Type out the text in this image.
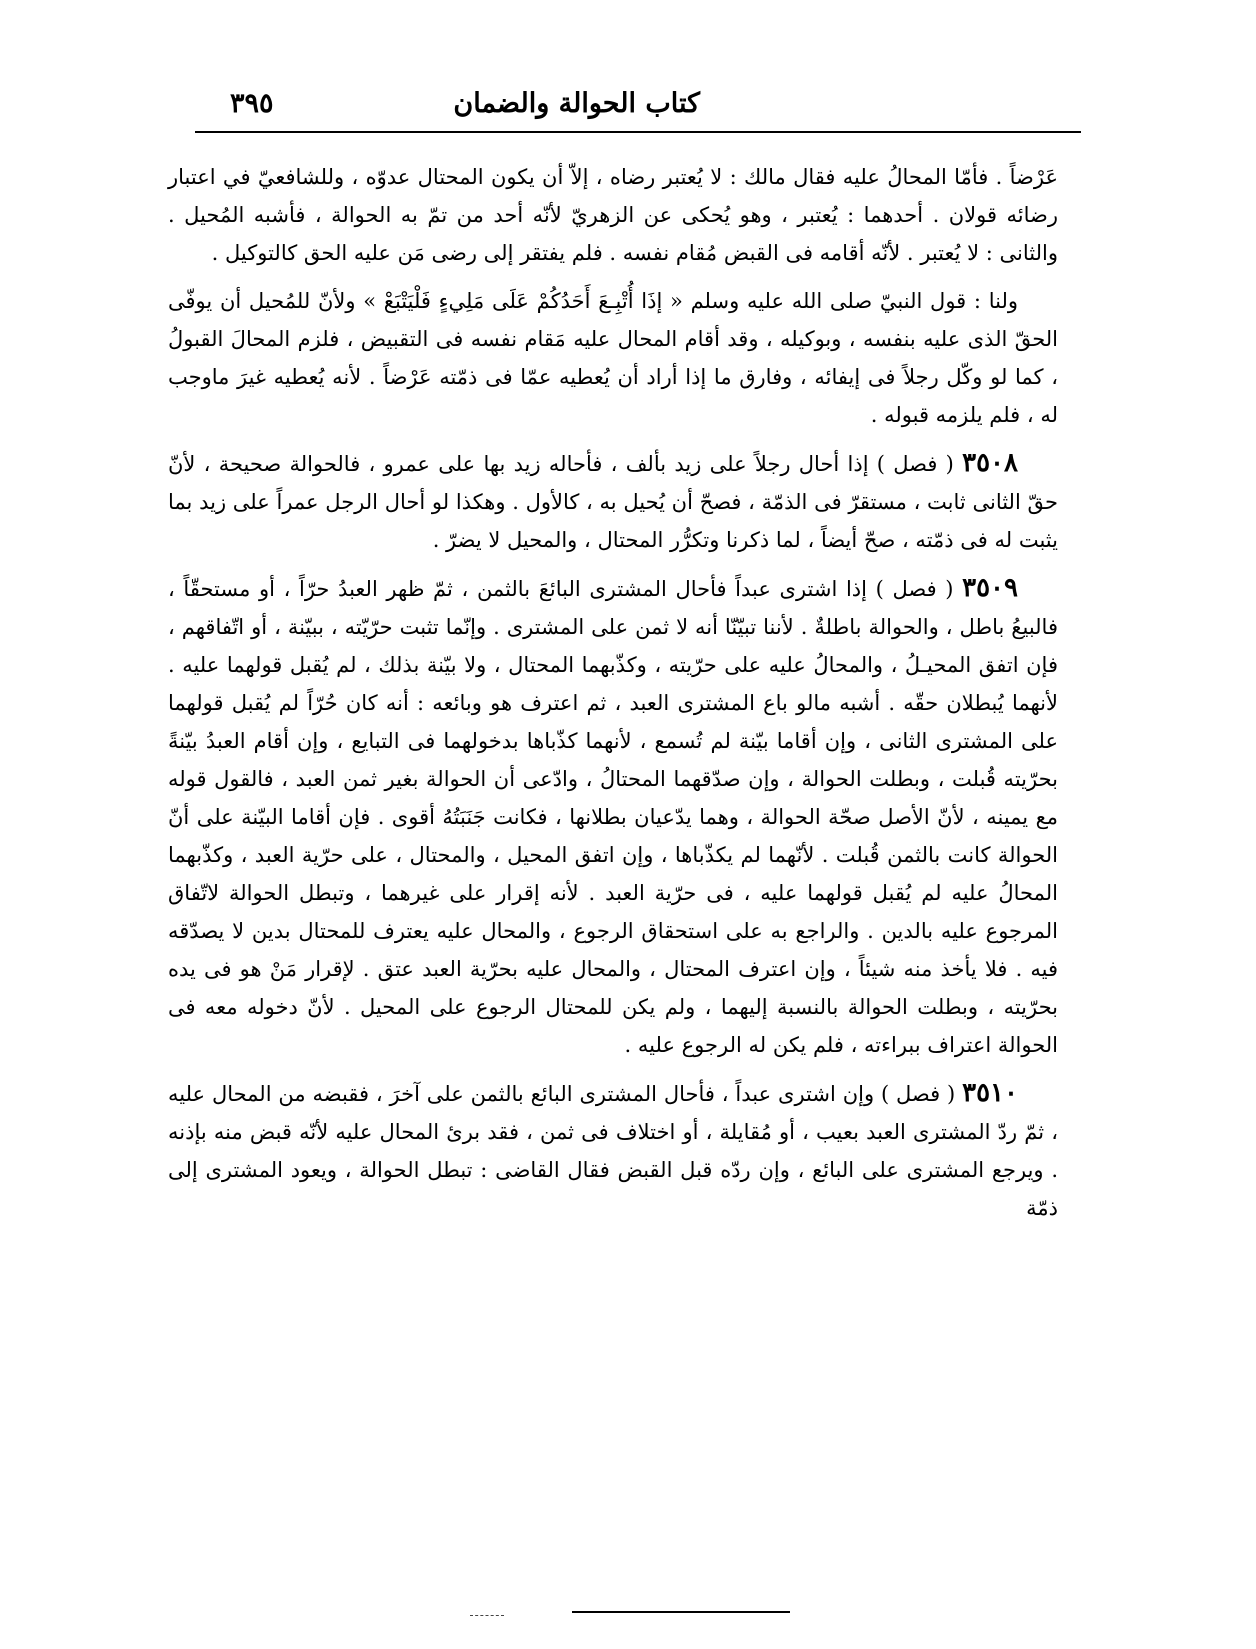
كتاب الحوالة والضمان
٣٩٥

عَرْضاً . فأمّا المحالُ عليه فقال مالك : لا يُعتبر رضاه ، إلاّ أن يكون المحتال عدوّه ، وللشافعيّ في اعتبار رضائه قولان . أحدهما : يُعتبر ، وهو يُحكى عن الزهريّ لأنّه أحد من تمّ به الحوالة ، فأشبه المُحيل . والثانى : لا يُعتبر . لأنّه أقامه فى القبض مُقام نفسه . فلم يفتقر إلى رضى مَن عليه الحق كالتوكيل .

ولنا : قول النبيّ صلى الله عليه وسلم « إذَا أُتْبِـعَ أَحَدُكُمْ عَلَى مَلِيءٍ فَلْيَتْبَعْ » ولأنّ للمُحيل أن يوفّى الحقّ الذى عليه بنفسه ، وبوكيله ، وقد أقام المحال عليه مَقام نفسه فى التقبيض ، فلزم المحالَ القبولُ ، كما لو وكّل رجلاً فى إيفائه ، وفارق ما إذا أراد أن يُعطيه عمّا فى ذمّته عَرْضاً . لأنه يُعطيه غيرَ ماوجب له ، فلم يلزمه قبوله .

٣٥٠٨ ( فصل ) إذا أحال رجلاً على زيد بألف ، فأحاله زيد بها على عمرو ، فالحوالة صحيحة ، لأنّ حقّ الثانى ثابت ، مستقرّ فى الذمّة ، فصحّ أن يُحيل به ، كالأول . وهكذا لو أحال الرجل عمراً على زيد بما يثبت له فى ذمّته ، صحّ أيضاً ، لما ذكرنا وتكرُّر المحتال ، والمحيل لا يضرّ .

٣٥٠٩ ( فصل ) إذا اشترى عبداً فأحال المشترى البائعَ بالثمن ، ثمّ ظهر العبدُ حرّاً ، أو مستحقّاً ، فالبيعُ باطل ، والحوالة باطلةٌ . لأننا تبيّنّا أنه لا ثمن على المشترى . وإنّما تثبت حرّيّته ، ببيّنة ، أو اتّفاقهم ، فإن اتفق المحيـلُ ، والمحالُ عليه على حرّيته ، وكذّبهما المحتال ، ولا بيّنة بذلك ، لم يُقبل قولهما عليه . لأنهما يُبطلان حقّه . أشبه مالو باع المشترى العبد ، ثم اعترف هو وبائعه : أنه كان حُرّاً لم يُقبل قولهما على المشترى الثانى ، وإن أقاما بيّنة لم تُسمع ، لأنهما كذّباها بدخولهما فى التبايع ، وإن أقام العبدُ بيّنةً بحرّيته قُبلت ، وبطلت الحوالة ، وإن صدّقهما المحتالُ ، وادّعى أن الحوالة بغير ثمن العبد ، فالقول قوله مع يمينه ، لأنّ الأصل صحّة الحوالة ، وهما يدّعيان بطلانها ، فكانت جَنَبَتُهُ أقوى . فإن أقاما البيّنة على أنّ الحوالة كانت بالثمن قُبلت . لأنّهما لم يكذّباها ، وإن اتفق المحيل ، والمحتال ، على حرّية العبد ، وكذّبهما المحالُ عليه لم يُقبل قولهما عليه ، فى حرّية العبد . لأنه إقرار على غيرهما ، وتبطل الحوالة لاتّفاق المرجوع عليه بالدين . والراجع به على استحقاق الرجوع ، والمحال عليه يعترف للمحتال بدين لا يصدّقه فيه . فلا يأخذ منه شيئاً ، وإن اعترف المحتال ، والمحال عليه بحرّية العبد عتق . لإقرار مَنْ هو فى يده بحرّيته ، وبطلت الحوالة بالنسبة إليهما ، ولم يكن للمحتال الرجوع على المحيل . لأنّ دخوله معه فى الحوالة اعتراف ببراءته ، فلم يكن له الرجوع عليه .

٣٥١٠ ( فصل ) وإن اشترى عبداً ، فأحال المشترى البائع بالثمن على آخرَ ، فقبضه من المحال عليه ، ثمّ ردّ المشترى العبد بعيب ، أو مُقايلة ، أو اختلاف فى ثمن ، فقد برئ المحال عليه لأنّه قبض منه بإذنه . ويرجع المشترى على البائع ، وإن ردّه قبل القبض فقال القاضى : تبطل الحوالة ، ويعود المشترى إلى ذمّة
